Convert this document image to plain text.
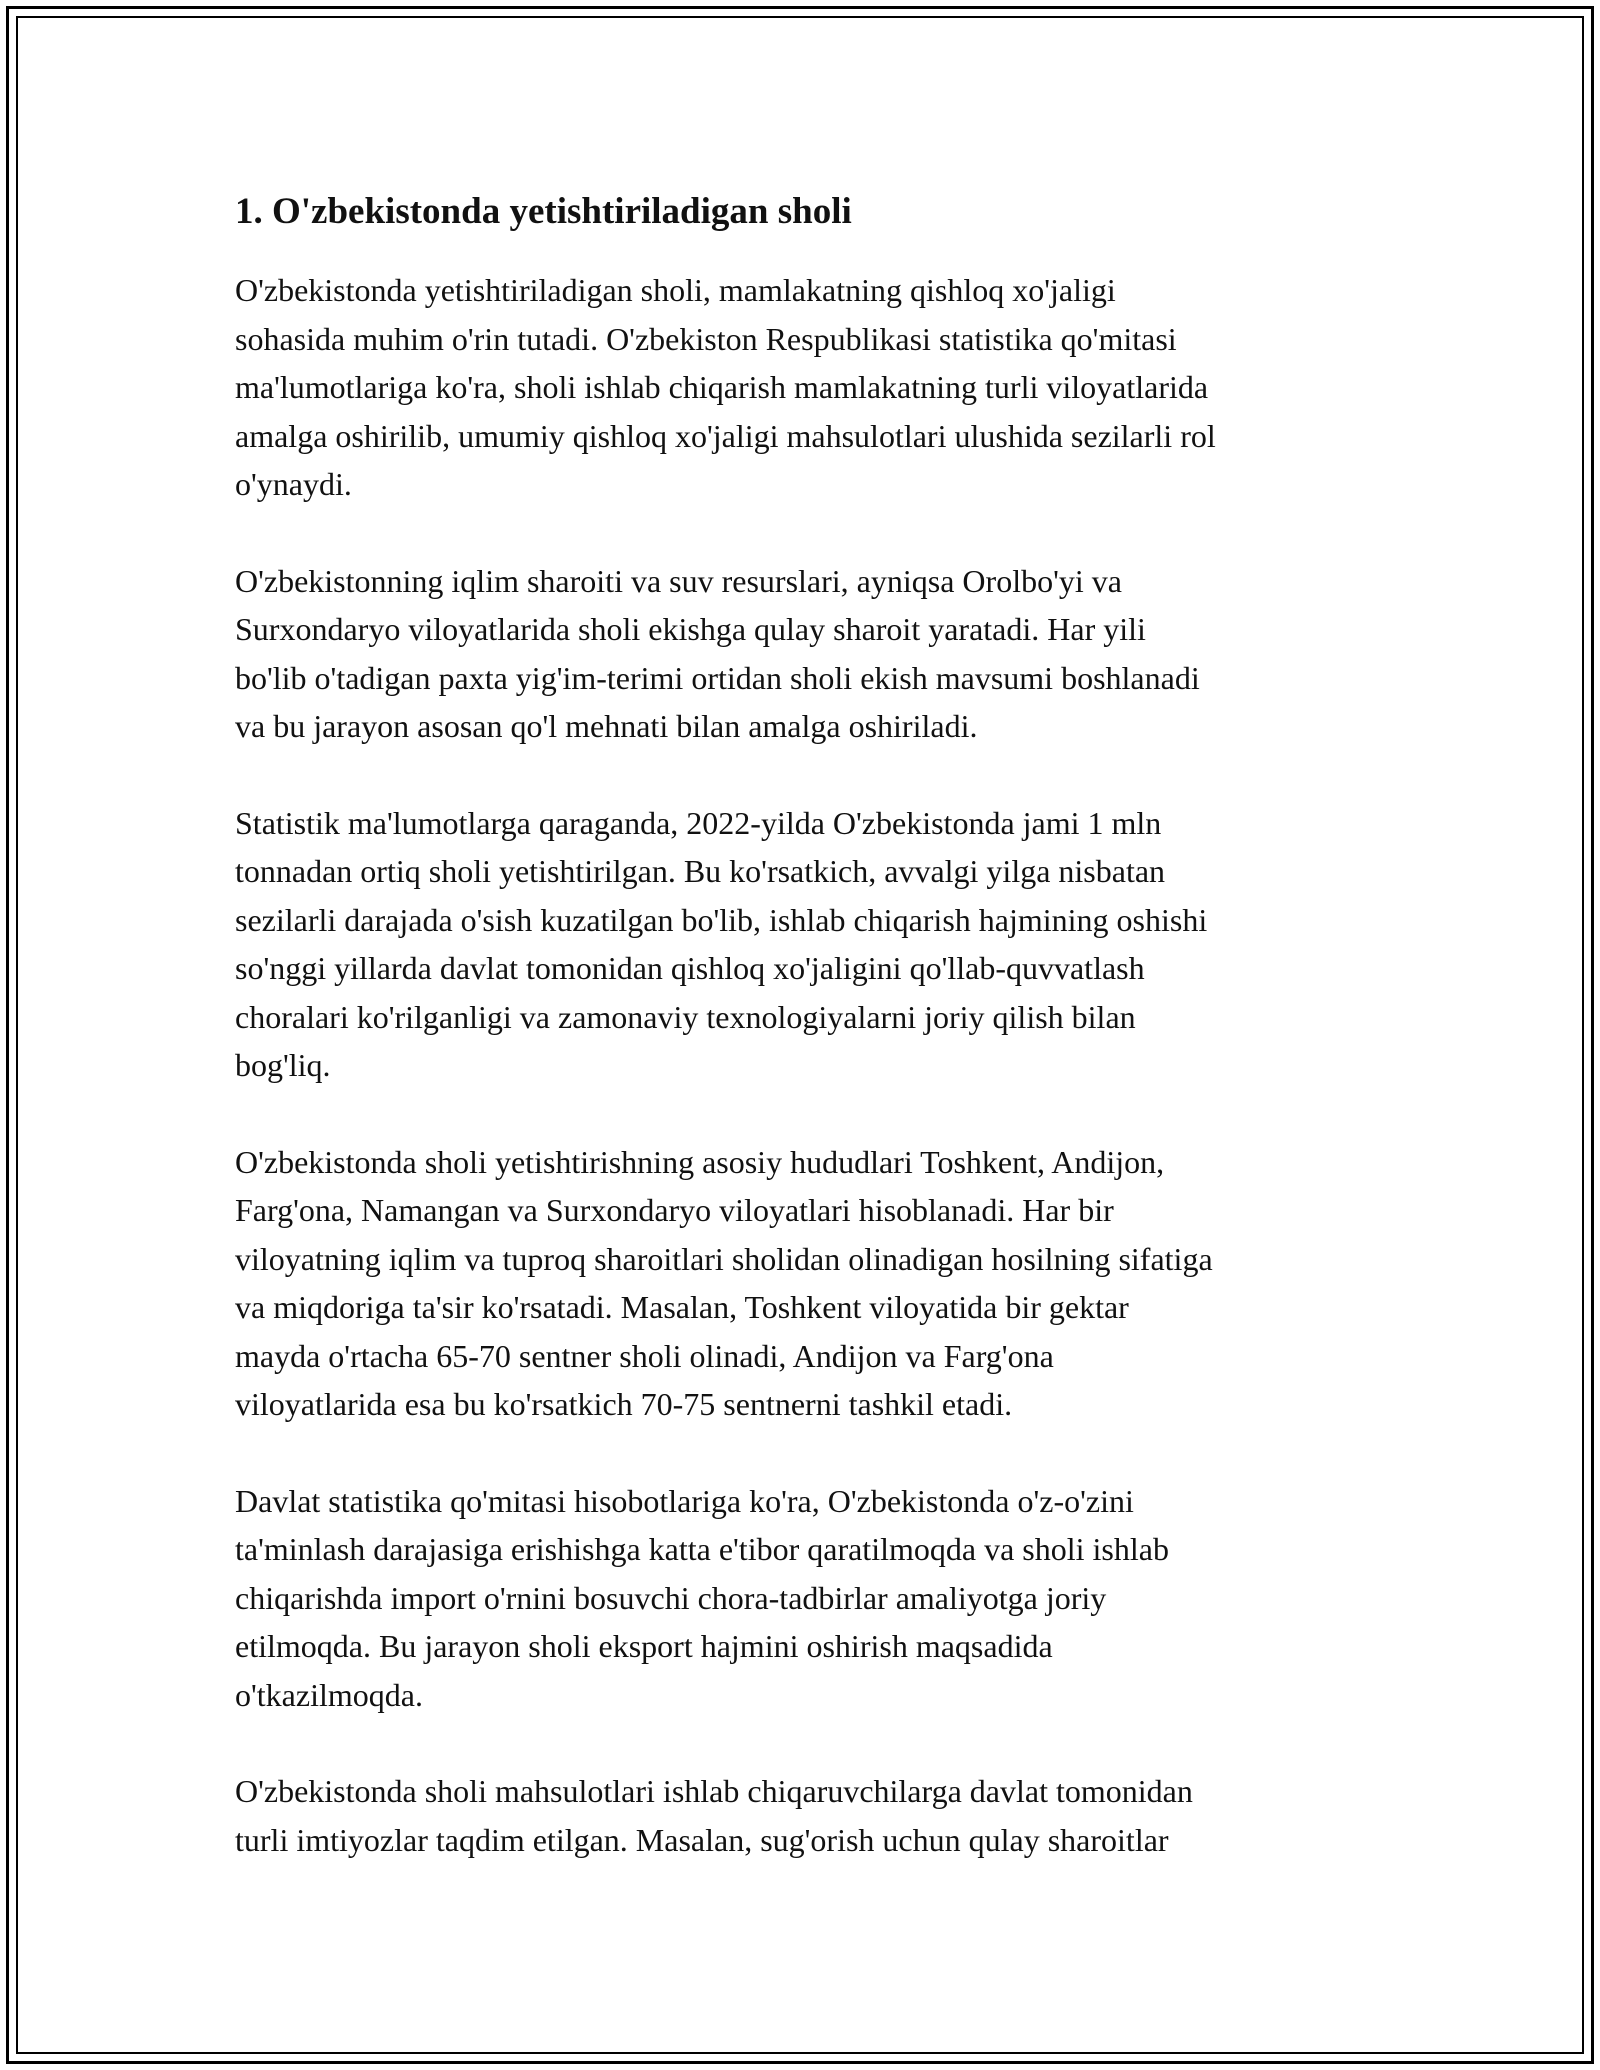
1. O'zbekistonda yetishtiriladigan sholi

O'zbekistonda yetishtiriladigan sholi, mamlakatning qishloq xo'jaligi
sohasida muhim o'rin tutadi. O'zbekiston Respublikasi statistika qo'mitasi
ma'lumotlariga ko'ra, sholi ishlab chiqarish mamlakatning turli viloyatlarida
amalga oshirilib, umumiy qishloq xo'jaligi mahsulotlari ulushida sezilarli rol
o'ynaydi.

O'zbekistonning iqlim sharoiti va suv resurslari, ayniqsa Orolbo'yi va
Surxondaryo viloyatlarida sholi ekishga qulay sharoit yaratadi. Har yili
bo'lib o'tadigan paxta yig'im-terimi ortidan sholi ekish mavsumi boshlanadi
va bu jarayon asosan qo'l mehnati bilan amalga oshiriladi.

Statistik ma'lumotlarga qaraganda, 2022-yilda O'zbekistonda jami 1 mln
tonnadan ortiq sholi yetishtirilgan. Bu ko'rsatkich, avvalgi yilga nisbatan
sezilarli darajada o'sish kuzatilgan bo'lib, ishlab chiqarish hajmining oshishi
so'nggi yillarda davlat tomonidan qishloq xo'jaligini qo'llab-quvvatlash
choralari ko'rilganligi va zamonaviy texnologiyalarni joriy qilish bilan
bog'liq.

O'zbekistonda sholi yetishtirishning asosiy hududlari Toshkent, Andijon,
Farg'ona, Namangan va Surxondaryo viloyatlari hisoblanadi. Har bir
viloyatning iqlim va tuproq sharoitlari sholidan olinadigan hosilning sifatiga
va miqdoriga ta'sir ko'rsatadi. Masalan, Toshkent viloyatida bir gektar
mayda o'rtacha 65-70 sentner sholi olinadi, Andijon va Farg'ona
viloyatlarida esa bu ko'rsatkich 70-75 sentnerni tashkil etadi.

Davlat statistika qo'mitasi hisobotlariga ko'ra, O'zbekistonda o'z-o'zini
ta'minlash darajasiga erishishga katta e'tibor qaratilmoqda va sholi ishlab
chiqarishda import o'rnini bosuvchi chora-tadbirlar amaliyotga joriy
etilmoqda. Bu jarayon sholi eksport hajmini oshirish maqsadida
o'tkazilmoqda.

O'zbekistonda sholi mahsulotlari ishlab chiqaruvchilarga davlat tomonidan
turli imtiyozlar taqdim etilgan. Masalan, sug'orish uchun qulay sharoitlar
